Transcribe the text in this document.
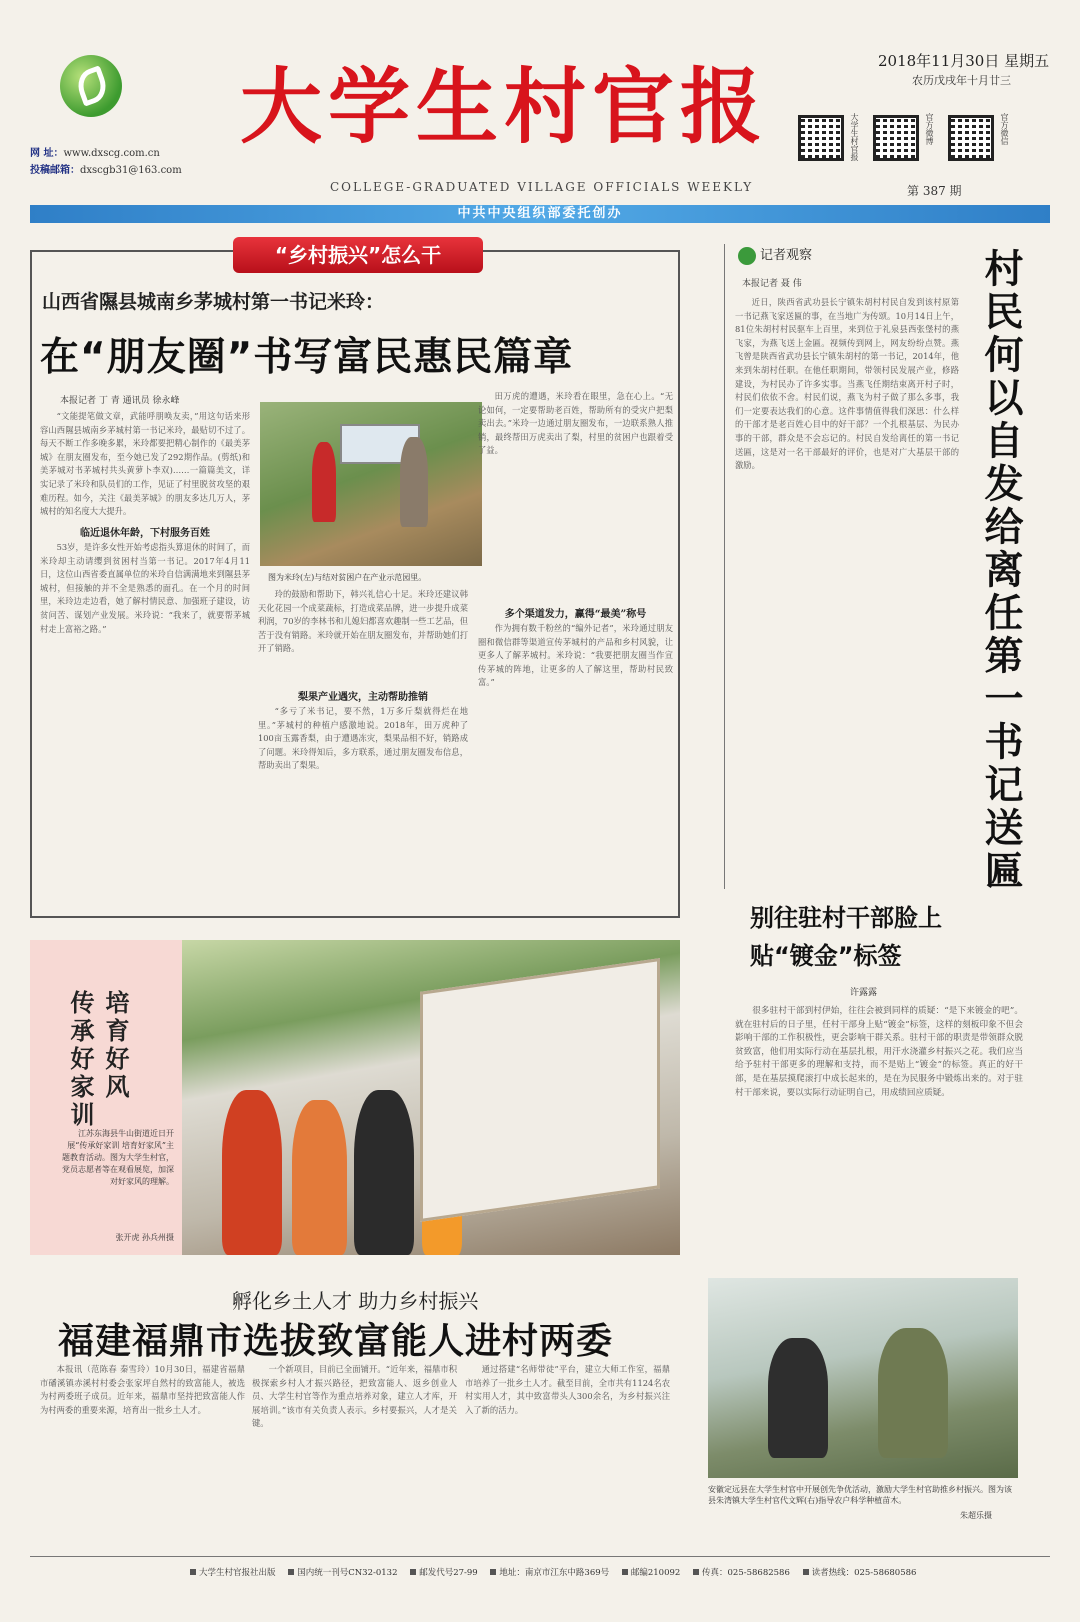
网 址：www.dxscg.com.cn
投稿邮箱：dxscgb31@163.com
大学生村官报
COLLEGE-GRADUATED VILLAGE OFFICIALS WEEKLY
2018年11月30日 星期五
农历戊戌年十月廿三
大学生村官报	官方微博	官方微信
第 387 期
中共中央组织部委托创办
“乡村振兴”怎么干
山西省隰县城南乡茅城村第一书记米玲：
在“朋友圈”书写富民惠民篇章
本报记者 丁 青 通讯员 徐永峰
“文能提笔做文章，武能呼朋唤友卖，”用这句话来形容山西隰县城南乡茅城村第一书记米玲，最贴切不过了。每天不断工作多晚多累，米玲都要把精心制作的《最美茅城》在朋友圈发布，至今她已发了292期作品。(剪纸)和美茅城对书茅城村共头黄萝卜李双)……一篇篇美文，详实记录了米玲和队员们的工作，见证了村里脱贫攻坚的艰难历程。如今，关注《最美茅城》的朋友多达几万人，茅城村的知名度大大提升。
临近退休年龄，下村服务百姓
53岁，是许多女性开始考虑指头算退休的时间了，而米玲却主动请缨到贫困村当第一书记。2017年4月11日，这位山西省委直属单位的米玲自信满满地来到隰县茅城村，但接触的并不全是熟悉的面孔。在一个月的时间里，米玲边走边看，她了解村情民意、加强班子建设，访贫问苦、谋划产业发展。米玲说：“我来了，就要帮茅城村走上富裕之路。”
图为米玲(左)与结对贫困户在产业示范园里。
玲的鼓励和帮助下，韩兴礼信心十足。米玲还建议韩天化花园一个成菜蔬标，打造成菜品牌，进一步提升成菜利润，70岁的李林书和儿媳妇都喜欢趣制一些工艺品，但苦于没有销路。米玲就开始在朋友圈发布，并帮助她们打开了销路。
梨果产业遇灾，主动帮助推销
“多亏了米书记，要不然，1万多斤梨就得烂在地里。”茅城村的种植户感激地说。2018年，田万虎种了100亩玉露香梨，由于遭遇冻灾，梨果品相不好，销路成了问题。米玲得知后，多方联系，通过朋友圈发布信息，帮助卖出了梨果。
田万虎的遭遇，米玲看在眼里，急在心上。“无论如何，一定要帮助老百姓，帮助所有的受灾户把梨卖出去。”米玲一边通过朋友圈发布，一边联系熟人推销，最终帮田万虎卖出了梨，村里的贫困户也跟着受了益。
多个渠道发力，赢得“最美”称号
作为拥有数千粉丝的“编外记者”，米玲通过朋友圈和微信群等渠道宣传茅城村的产品和乡村风貌，让更多人了解茅城村。米玲说：“我要把朋友圈当作宣传茅城的阵地，让更多的人了解这里，帮助村民致富。”
记者观察
本报记者 聂 伟
近日，陕西省武功县长宁镇朱胡村村民自发到该村原第一书记燕飞家送匾的事，在当地广为传颂。10月14日上午，81位朱胡村村民驱车上百里，来到位于礼泉县西张堡村的燕飞家，为燕飞送上金匾。视频传到网上，网友纷纷点赞。燕飞曾是陕西省武功县长宁镇朱胡村的第一书记，2014年，他来到朱胡村任职。在他任职期间，带领村民发展产业，修路建设，为村民办了许多实事。当燕飞任期结束离开村子时，村民们依依不舍。村民们说，燕飞为村子做了那么多事，我们一定要表达我们的心意。这件事情值得我们深思：什么样的干部才是老百姓心目中的好干部？一个扎根基层、为民办事的干部，群众是不会忘记的。村民自发给离任的第一书记送匾，这是对一名干部最好的评价，也是对广大基层干部的激励。	村民何以自发给离任第一书记送匾
培育好风
传承好家训
江苏东海县牛山街道近日开展“传承好家训 培育好家风”主题教育活动。图为大学生村官，党员志愿者等在观看展览，加深对好家风的理解。
张开虎 孙兵州摄
别往驻村干部脸上
贴“镀金”标签
许露露
很多驻村干部到村伊始，往往会被到同样的质疑：“是下来镀金的吧”。就在驻村后的日子里，任村干部身上贴“镀金”标签，这样的刻板印象不但会影响干部的工作积极性，更会影响干群关系。驻村干部的职责是带领群众脱贫致富，他们用实际行动在基层扎根，用汗水浇灌乡村振兴之花。我们应当给予驻村干部更多的理解和支持，而不是贴上“镀金”的标签。真正的好干部，是在基层摸爬滚打中成长起来的，是在为民服务中锻炼出来的。对于驻村干部来说，要以实际行动证明自己，用成绩回应质疑。
孵化乡土人才 助力乡村振兴
福建福鼎市选拔致富能人进村两委
本报讯（范陈春 秦雪玲）10月30日，福建省福鼎市磻溪镇赤溪村村委会张家坪自然村的致富能人，被选为村两委班子成员。近年来，福鼎市坚持把致富能人作为村两委的重要来源，培育出一批乡土人才。
一个新项目，目前已全面铺开。“近年来，福鼎市积极探索乡村人才振兴路径，把致富能人、返乡创业人员、大学生村官等作为重点培养对象，建立人才库，开展培训。”该市有关负责人表示。乡村要振兴，人才是关键。
通过搭建“名师带徒”平台，建立大师工作室，福鼎市培养了一批乡土人才。截至目前，全市共有1124名农村实用人才，其中致富带头人300余名，为乡村振兴注入了新的活力。
安徽定远县在大学生村官中开展创先争优活动，激励大学生村官助推乡村振兴。图为该县朱湾镇大学生村官代文辉(右)指导农户科学种植苗木。
朱超乐摄
大学生村官报社出版	国内统一刊号CN32-0132	邮发代号27-99	地址：南京市江东中路369号	邮编210092	传真：025-58682586	读者热线：025-58680586
